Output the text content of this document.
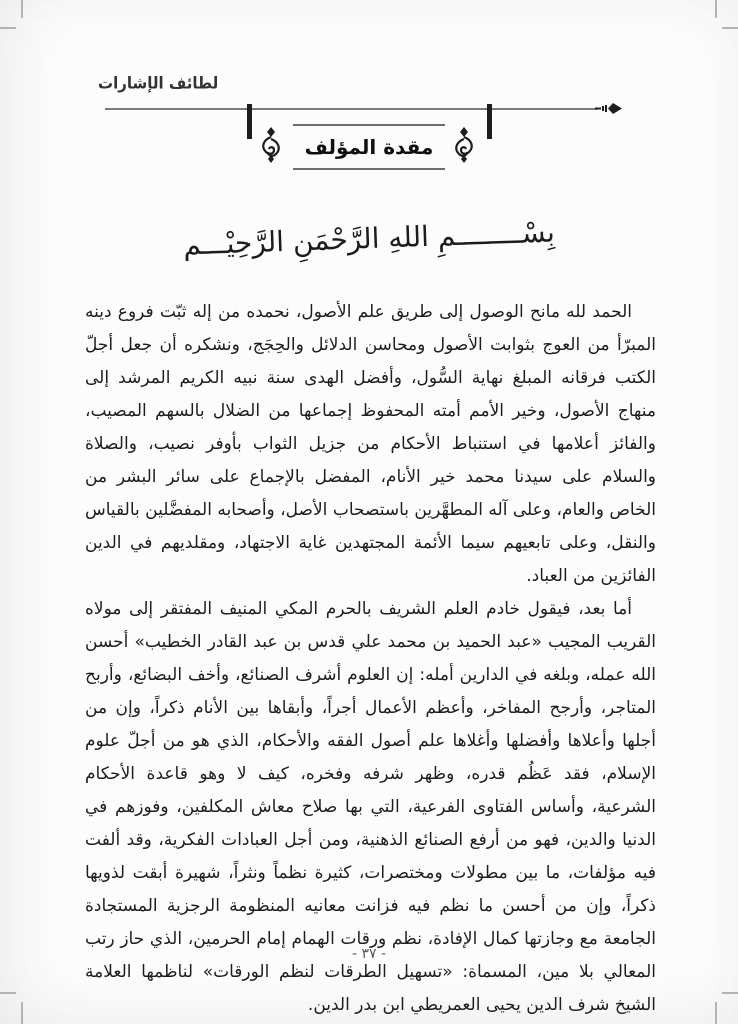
لطائف الإشارات
مقدة المؤلف
بِسْــــــــمِ اللهِ الرَّحْمَنِ الرَّحِيْـــم

الحمد لله مانح الوصول إلى طريق علم الأصول، نحمده من إله ثبّت فروع دينه المبرّأ من العوج بثوابت الأصول ومحاسن الدلائل والحِجَج، ونشكره أن جعل أجلّ الكتب فرقانه المبلغ نهاية السُّول، وأفضل الهدى سنة نبيه الكريم المرشد إلى منهاج الأصول، وخير الأمم أمته المحفوظ إجماعها من الضلال بالسهم المصيب، والفائز أعلامها في استنباط الأحكام من جزيل الثواب بأوفر نصيب، والصلاة والسلام على سيدنا محمد خير الأنام، المفضل بالإجماع على سائر البشر من الخاص والعام، وعلى آله المطهَّرين باستصحاب الأصل، وأصحابه المفضَّلين بالقياس والنقل، وعلى تابعيهم سيما الأئمة المجتهدين غاية الاجتهاد، ومقلديهم في الدين الفائزين من العباد.

أما بعد، فيقول خادم العلم الشريف بالحرم المكي المنيف المفتقر إلى مولاه القريب المجيب «عبد الحميد بن محمد علي قدس بن عبد القادر الخطيب» أحسن الله عمله، وبلغه في الدارين أمله: إن العلوم أشرف الصنائع، وأخف البضائع، وأربح المتاجر، وأرجح المفاخر، وأعظم الأعمال أجراً، وأبقاها بين الأنام ذكراً، وإن من أجلها وأعلاها وأفضلها وأغلاها علم أصول الفقه والأحكام، الذي هو من أجلّ علوم الإسلام، فقد عَظُم قدره، وظهر شرفه وفخره، كيف لا وهو قاعدة الأحكام الشرعية، وأساس الفتاوى الفرعية، التي بها صلاح معاش المكلفين، وفوزهم في الدنيا والدين، فهو من أرفع الصنائع الذهنية، ومن أجل العبادات الفكرية، وقد ألفت فيه مؤلفات، ما بين مطولات ومختصرات، كثيرة نظماً ونثراً، شهيرة أبقت لذويها ذكراً، وإن من أحسن ما نظم فيه فزانت معانيه المنظومة الرجزية المستجادة الجامعة مع وجازتها كمال الإفادة، نظم ورقات الهمام إمام الحرمين، الذي حاز رتب المعالي بلا مين، المسماة: «تسهيل الطرقات لنظم الورقات» لناظمها العلامة الشيخ شرف الدين يحيى العمريطي ابن بدر الدين.

- ٣٧ -
